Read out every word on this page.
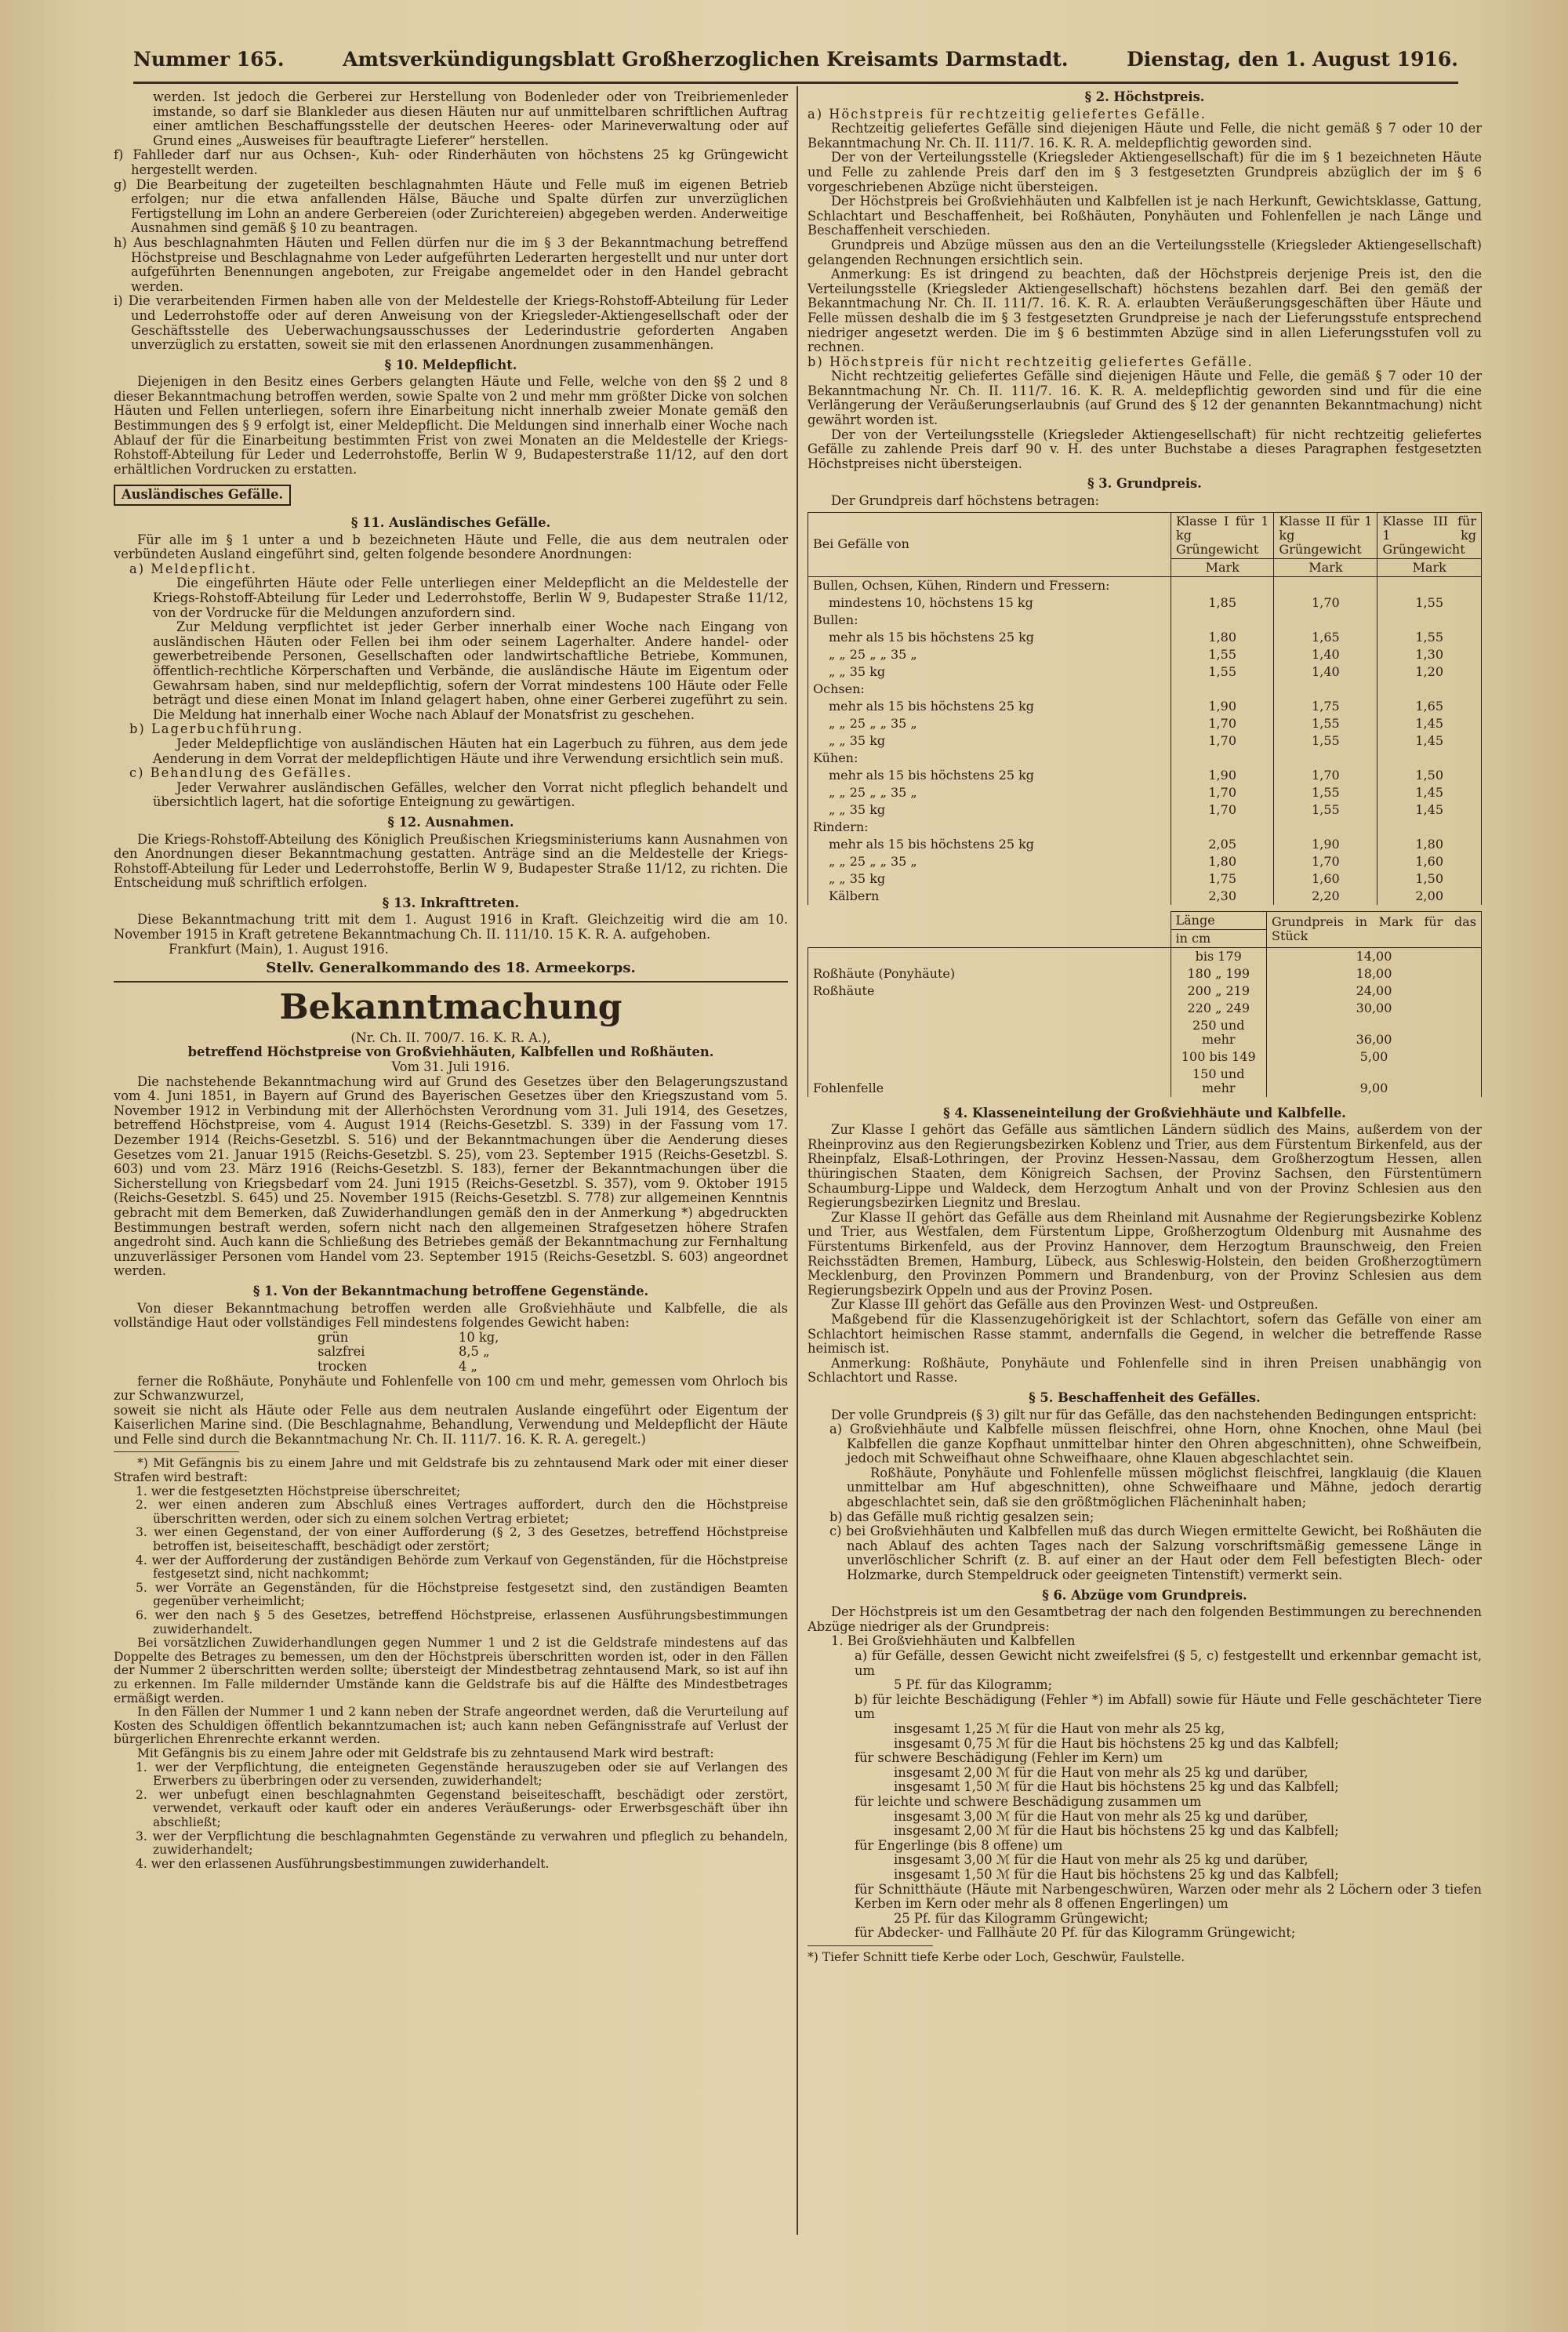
Nummer 165.	Amtsverkündigungsblatt Großherzoglichen Kreisamts Darmstadt.	Dienstag, den 1. August 1916.

werden. Ist jedoch die Gerberei zur Herstellung von Bodenleder oder von Treibriemenleder imstande, so darf sie Blankleder aus diesen Häuten nur auf unmittelbaren schriftlichen Auftrag einer amtlichen Beschaffungsstelle der deutschen Heeres- oder Marineverwaltung oder auf Grund eines „Ausweises für beauftragte Lieferer“ herstellen.

f) Fahlleder darf nur aus Ochsen-, Kuh- oder Rinderhäuten von höchstens 25 kg Grüngewicht hergestellt werden.

g) Die Bearbeitung der zugeteilten beschlagnahmten Häute und Felle muß im eigenen Betrieb erfolgen; nur die etwa anfallenden Hälse, Bäuche und Spalte dürfen zur unverzüglichen Fertigstellung im Lohn an andere Gerbereien (oder Zurichtereien) abgegeben werden. Anderweitige Ausnahmen sind gemäß § 10 zu beantragen.

h) Aus beschlagnahmten Häuten und Fellen dürfen nur die im § 3 der Bekanntmachung betreffend Höchstpreise und Beschlagnahme von Leder aufgeführten Lederarten hergestellt und nur unter dort aufgeführten Benennungen angeboten, zur Freigabe angemeldet oder in den Handel gebracht werden.

i) Die verarbeitenden Firmen haben alle von der Meldestelle der Kriegs-Rohstoff-Abteilung für Leder und Lederrohstoffe oder auf deren Anweisung von der Kriegsleder-Aktiengesellschaft oder der Geschäftsstelle des Ueberwachungsausschusses der Lederindustrie geforderten Angaben unverzüglich zu erstatten, soweit sie mit den erlassenen Anordnungen zusammenhängen.

§ 10. Meldepflicht.

Diejenigen in den Besitz eines Gerbers gelangten Häute und Felle, welche von den §§ 2 und 8 dieser Bekanntmachung betroffen werden, sowie Spalte von 2 und mehr mm größter Dicke von solchen Häuten und Fellen unterliegen, sofern ihre Einarbeitung nicht innerhalb zweier Monate gemäß den Bestimmungen des § 9 erfolgt ist, einer Meldepflicht. Die Meldungen sind innerhalb einer Woche nach Ablauf der für die Einarbeitung bestimmten Frist von zwei Monaten an die Meldestelle der Kriegs-Rohstoff-Abteilung für Leder und Lederrohstoffe, Berlin W 9, Budapesterstraße 11/12, auf den dort erhältlichen Vordrucken zu erstatten.

Ausländisches Gefälle.

§ 11. Ausländisches Gefälle.

Für alle im § 1 unter a und b bezeichneten Häute und Felle, die aus dem neutralen oder verbündeten Ausland eingeführt sind, gelten folgende besondere Anordnungen:

a) Meldepflicht.

Die eingeführten Häute oder Felle unterliegen einer Meldepflicht an die Meldestelle der Kriegs-Rohstoff-Abteilung für Leder und Lederrohstoffe, Berlin W 9, Budapester Straße 11/12, von der Vordrucke für die Meldungen anzufordern sind.

Zur Meldung verpflichtet ist jeder Gerber innerhalb einer Woche nach Eingang von ausländischen Häuten oder Fellen bei ihm oder seinem Lagerhalter. Andere handel- oder gewerbetreibende Personen, Gesellschaften oder landwirtschaftliche Betriebe, Kommunen, öffentlich-rechtliche Körperschaften und Verbände, die ausländische Häute im Eigentum oder Gewahrsam haben, sind nur meldepflichtig, sofern der Vorrat mindestens 100 Häute oder Felle beträgt und diese einen Monat im Inland gelagert haben, ohne einer Gerberei zugeführt zu sein. Die Meldung hat innerhalb einer Woche nach Ablauf der Monatsfrist zu geschehen.

b) Lagerbuchführung.

Jeder Meldepflichtige von ausländischen Häuten hat ein Lagerbuch zu führen, aus dem jede Aenderung in dem Vorrat der meldepflichtigen Häute und ihre Verwendung ersichtlich sein muß.

c) Behandlung des Gefälles.

Jeder Verwahrer ausländischen Gefälles, welcher den Vorrat nicht pfleglich behandelt und übersichtlich lagert, hat die sofortige Enteignung zu gewärtigen.

§ 12. Ausnahmen.

Die Kriegs-Rohstoff-Abteilung des Königlich Preußischen Kriegsministeriums kann Ausnahmen von den Anordnungen dieser Bekanntmachung gestatten. Anträge sind an die Meldestelle der Kriegs-Rohstoff-Abteilung für Leder und Lederrohstoffe, Berlin W 9, Budapester Straße 11/12, zu richten. Die Entscheidung muß schriftlich erfolgen.

§ 13. Inkrafttreten.

Diese Bekanntmachung tritt mit dem 1. August 1916 in Kraft. Gleichzeitig wird die am 10. November 1915 in Kraft getretene Bekanntmachung Ch. II. 111/10. 15 K. R. A. aufgehoben.

Frankfurt (Main), 1. August 1916.

Stellv. Generalkommando des 18. Armeekorps.

Bekanntmachung

(Nr. Ch. II. 700/7. 16. K. R. A.),

betreffend Höchstpreise von Großviehhäuten, Kalbfellen und Roßhäuten.

Vom 31. Juli 1916.

Die nachstehende Bekanntmachung wird auf Grund des Gesetzes über den Belagerungszustand vom 4. Juni 1851, in Bayern auf Grund des Bayerischen Gesetzes über den Kriegszustand vom 5. November 1912 in Verbindung mit der Allerhöchsten Verordnung vom 31. Juli 1914, des Gesetzes, betreffend Höchstpreise, vom 4. August 1914 (Reichs-Gesetzbl. S. 339) in der Fassung vom 17. Dezember 1914 (Reichs-Gesetzbl. S. 516) und der Bekanntmachungen über die Aenderung dieses Gesetzes vom 21. Januar 1915 (Reichs-Gesetzbl. S. 25), vom 23. September 1915 (Reichs-Gesetzbl. S. 603) und vom 23. März 1916 (Reichs-Gesetzbl. S. 183), ferner der Bekanntmachungen über die Sicherstellung von Kriegsbedarf vom 24. Juni 1915 (Reichs-Gesetzbl. S. 357), vom 9. Oktober 1915 (Reichs-Gesetzbl. S. 645) und 25. November 1915 (Reichs-Gesetzbl. S. 778) zur allgemeinen Kenntnis gebracht mit dem Bemerken, daß Zuwiderhandlungen gemäß den in der Anmerkung *) abgedruckten Bestimmungen bestraft werden, sofern nicht nach den allgemeinen Strafgesetzen höhere Strafen angedroht sind. Auch kann die Schließung des Betriebes gemäß der Bekanntmachung zur Fernhaltung unzuverlässiger Personen vom Handel vom 23. September 1915 (Reichs-Gesetzbl. S. 603) angeordnet werden.

§ 1. Von der Bekanntmachung betroffene Gegenstände.

Von dieser Bekanntmachung betroffen werden alle Großviehhäute und Kalbfelle, die als vollständige Haut oder vollständiges Fell mindestens folgendes Gewicht haben:

grün	10 kg,

salzfrei	8,5 „

trocken	4 „

ferner die Roßhäute, Ponyhäute und Fohlenfelle von 100 cm und mehr, gemessen vom Ohrloch bis zur Schwanzwurzel,

soweit sie nicht als Häute oder Felle aus dem neutralen Auslande eingeführt oder Eigentum der Kaiserlichen Marine sind. (Die Beschlagnahme, Behandlung, Verwendung und Meldepflicht der Häute und Felle sind durch die Bekanntmachung Nr. Ch. II. 111/7. 16. K. R. A. geregelt.)

*) Mit Gefängnis bis zu einem Jahre und mit Geldstrafe bis zu zehntausend Mark oder mit einer dieser Strafen wird bestraft:

1. wer die festgesetzten Höchstpreise überschreitet;

2. wer einen anderen zum Abschluß eines Vertrages auffordert, durch den die Höchstpreise überschritten werden, oder sich zu einem solchen Vertrag erbietet;

3. wer einen Gegenstand, der von einer Aufforderung (§ 2, 3 des Gesetzes, betreffend Höchstpreise betroffen ist, beiseiteschafft, beschädigt oder zerstört;

4. wer der Aufforderung der zuständigen Behörde zum Verkauf von Gegenständen, für die Höchstpreise festgesetzt sind, nicht nachkommt;

5. wer Vorräte an Gegenständen, für die Höchstpreise festgesetzt sind, den zuständigen Beamten gegenüber verheimlicht;

6. wer den nach § 5 des Gesetzes, betreffend Höchstpreise, erlassenen Ausführungsbestimmungen zuwiderhandelt.

Bei vorsätzlichen Zuwiderhandlungen gegen Nummer 1 und 2 ist die Geldstrafe mindestens auf das Doppelte des Betrages zu bemessen, um den der Höchstpreis überschritten worden ist, oder in den Fällen der Nummer 2 überschritten werden sollte; übersteigt der Mindestbetrag zehntausend Mark, so ist auf ihn zu erkennen. Im Falle mildernder Umstände kann die Geldstrafe bis auf die Hälfte des Mindestbetrages ermäßigt werden.

In den Fällen der Nummer 1 und 2 kann neben der Strafe angeordnet werden, daß die Verurteilung auf Kosten des Schuldigen öffentlich bekanntzumachen ist; auch kann neben Gefängnisstrafe auf Verlust der bürgerlichen Ehrenrechte erkannt werden.

Mit Gefängnis bis zu einem Jahre oder mit Geldstrafe bis zu zehntausend Mark wird bestraft:

1. wer der Verpflichtung, die enteigneten Gegenstände herauszugeben oder sie auf Verlangen des Erwerbers zu überbringen oder zu versenden, zuwiderhandelt;

2. wer unbefugt einen beschlagnahmten Gegenstand beiseiteschafft, beschädigt oder zerstört, verwendet, verkauft oder kauft oder ein anderes Veräußerungs- oder Erwerbsgeschäft über ihn abschließt;

3. wer der Verpflichtung die beschlagnahmten Gegenstände zu verwahren und pfleglich zu behandeln, zuwiderhandelt;

4. wer den erlassenen Ausführungsbestimmungen zuwiderhandelt.

§ 2. Höchstpreis.

a) Höchstpreis für rechtzeitig geliefertes Gefälle.

Rechtzeitig geliefertes Gefälle sind diejenigen Häute und Felle, die nicht gemäß § 7 oder 10 der Bekanntmachung Nr. Ch. II. 111/7. 16. K. R. A. meldepflichtig geworden sind.

Der von der Verteilungsstelle (Kriegsleder Aktiengesellschaft) für die im § 1 bezeichneten Häute und Felle zu zahlende Preis darf den im § 3 festgesetzten Grundpreis abzüglich der im § 6 vorgeschriebenen Abzüge nicht übersteigen.

Der Höchstpreis bei Großviehhäuten und Kalbfellen ist je nach Herkunft, Gewichtsklasse, Gattung, Schlachtart und Beschaffenheit, bei Roßhäuten, Ponyhäuten und Fohlenfellen je nach Länge und Beschaffenheit verschieden.

Grundpreis und Abzüge müssen aus den an die Verteilungsstelle (Kriegsleder Aktiengesellschaft) gelangenden Rechnungen ersichtlich sein.

Anmerkung: Es ist dringend zu beachten, daß der Höchstpreis derjenige Preis ist, den die Verteilungsstelle (Kriegsleder Aktiengesellschaft) höchstens bezahlen darf. Bei den gemäß der Bekanntmachung Nr. Ch. II. 111/7. 16. K. R. A. erlaubten Veräußerungsgeschäften über Häute und Felle müssen deshalb die im § 3 festgesetzten Grundpreise je nach der Lieferungsstufe entsprechend niedriger angesetzt werden. Die im § 6 bestimmten Abzüge sind in allen Lieferungsstufen voll zu rechnen.

b) Höchstpreis für nicht rechtzeitig geliefertes Gefälle.

Nicht rechtzeitig geliefertes Gefälle sind diejenigen Häute und Felle, die gemäß § 7 oder 10 der Bekanntmachung Nr. Ch. II. 111/7. 16. K. R. A. meldepflichtig geworden sind und für die eine Verlängerung der Veräußerungserlaubnis (auf Grund des § 12 der genannten Bekanntmachung) nicht gewährt worden ist.

Der von der Verteilungsstelle (Kriegsleder Aktiengesellschaft) für nicht rechtzeitig geliefertes Gefälle zu zahlende Preis darf 90 v. H. des unter Buchstabe a dieses Paragraphen festgesetzten Höchstpreises nicht übersteigen.

§ 3. Grundpreis.

Der Grundpreis darf höchstens betragen:

Bei Gefälle von	Klasse I für 1 kg Grüngewicht	Klasse II für 1 kg Grüngewicht	Klasse III für 1 kg Grüngewicht
	Mark	Mark	Mark
Bullen, Ochsen, Kühen, Rindern und Fressern:			
mindestens 10, höchstens 15 kg	1,85	1,70	1,55
Bullen:			
mehr als 15 bis höchstens 25 kg	1,80	1,65	1,55
„ „ 25 „ „ 35 „	1,55	1,40	1,30
„ „ 35 kg	1,55	1,40	1,20
Ochsen:			
mehr als 15 bis höchstens 25 kg	1,90	1,75	1,65
„ „ 25 „ „ 35 „	1,70	1,55	1,45
„ „ 35 kg	1,70	1,55	1,45
Kühen:			
mehr als 15 bis höchstens 25 kg	1,90	1,70	1,50
„ „ 25 „ „ 35 „	1,70	1,55	1,45
„ „ 35 kg	1,70	1,55	1,45
Rindern:			
mehr als 15 bis höchstens 25 kg	2,05	1,90	1,80
„ „ 25 „ „ 35 „	1,80	1,70	1,60
„ „ 35 kg	1,75	1,60	1,50
Kälbern	2,30	2,20	2,00
	Länge	Grundpreis in Mark für das Stück
	in cm	
	bis 179	14,00
Roßhäute (Ponyhäute)	180 „ 199	18,00
Roßhäute	200 „ 219	24,00
	220 „ 249	30,00
	250 und mehr	36,00
	100 bis 149	5,00
Fohlenfelle	150 und mehr	9,00

§ 4. Klasseneinteilung der Großviehhäute und Kalbfelle.

Zur Klasse I gehört das Gefälle aus sämtlichen Ländern südlich des Mains, außerdem von der Rheinprovinz aus den Regierungsbezirken Koblenz und Trier, aus dem Fürstentum Birkenfeld, aus der Rheinpfalz, Elsaß-Lothringen, der Provinz Hessen-Nassau, dem Großherzogtum Hessen, allen thüringischen Staaten, dem Königreich Sachsen, der Provinz Sachsen, den Fürstentümern Schaumburg-Lippe und Waldeck, dem Herzogtum Anhalt und von der Provinz Schlesien aus den Regierungsbezirken Liegnitz und Breslau.

Zur Klasse II gehört das Gefälle aus dem Rheinland mit Ausnahme der Regierungsbezirke Koblenz und Trier, aus Westfalen, dem Fürstentum Lippe, Großherzogtum Oldenburg mit Ausnahme des Fürstentums Birkenfeld, aus der Provinz Hannover, dem Herzogtum Braunschweig, den Freien Reichsstädten Bremen, Hamburg, Lübeck, aus Schleswig-Holstein, den beiden Großherzogtümern Mecklenburg, den Provinzen Pommern und Brandenburg, von der Provinz Schlesien aus dem Regierungsbezirk Oppeln und aus der Provinz Posen.

Zur Klasse III gehört das Gefälle aus den Provinzen West- und Ostpreußen.

Maßgebend für die Klassenzugehörigkeit ist der Schlachtort, sofern das Gefälle von einer am Schlachtort heimischen Rasse stammt, andernfalls die Gegend, in welcher die betreffende Rasse heimisch ist.

Anmerkung: Roßhäute, Ponyhäute und Fohlenfelle sind in ihren Preisen unabhängig von Schlachtort und Rasse.

§ 5. Beschaffenheit des Gefälles.

Der volle Grundpreis (§ 3) gilt nur für das Gefälle, das den nachstehenden Bedingungen entspricht:

a) Großviehhäute und Kalbfelle müssen fleischfrei, ohne Horn, ohne Knochen, ohne Maul (bei Kalbfellen die ganze Kopfhaut unmittelbar hinter den Ohren abgeschnitten), ohne Schweifbein, jedoch mit Schweifhaut ohne Schweifhaare, ohne Klauen abgeschlachtet sein.

Roßhäute, Ponyhäute und Fohlenfelle müssen möglichst fleischfrei, langklauig (die Klauen unmittelbar am Huf abgeschnitten), ohne Schweifhaare und Mähne, jedoch derartig abgeschlachtet sein, daß sie den größtmöglichen Flächeninhalt haben;

b) das Gefälle muß richtig gesalzen sein;

c) bei Großviehhäuten und Kalbfellen muß das durch Wiegen ermittelte Gewicht, bei Roßhäuten die nach Ablauf des achten Tages nach der Salzung vorschriftsmäßig gemessene Länge in unverlöschlicher Schrift (z. B. auf einer an der Haut oder dem Fell befestigten Blech- oder Holzmarke, durch Stempeldruck oder geeigneten Tintenstift) vermerkt sein.

§ 6. Abzüge vom Grundpreis.

Der Höchstpreis ist um den Gesamtbetrag der nach den folgenden Bestimmungen zu berechnenden Abzüge niedriger als der Grundpreis:

1. Bei Großviehhäuten und Kalbfellen

a) für Gefälle, dessen Gewicht nicht zweifelsfrei (§ 5, c) festgestellt und erkennbar gemacht ist, um

5 Pf. für das Kilogramm;

b) für leichte Beschädigung (Fehler *) im Abfall) sowie für Häute und Felle geschächteter Tiere um

insgesamt 1,25 ℳ für die Haut von mehr als 25 kg,

insgesamt 0,75 ℳ für die Haut bis höchstens 25 kg und das Kalbfell;

für schwere Beschädigung (Fehler im Kern) um

insgesamt 2,00 ℳ für die Haut von mehr als 25 kg und darüber,

insgesamt 1,50 ℳ für die Haut bis höchstens 25 kg und das Kalbfell;

für leichte und schwere Beschädigung zusammen um

insgesamt 3,00 ℳ für die Haut von mehr als 25 kg und darüber,

insgesamt 2,00 ℳ für die Haut bis höchstens 25 kg und das Kalbfell;

für Engerlinge (bis 8 offene) um

insgesamt 3,00 ℳ für die Haut von mehr als 25 kg und darüber,

insgesamt 1,50 ℳ für die Haut bis höchstens 25 kg und das Kalbfell;

für Schnitthäute (Häute mit Narbengeschwüren, Warzen oder mehr als 2 Löchern oder 3 tiefen Kerben im Kern oder mehr als 8 offenen Engerlingen) um

25 Pf. für das Kilogramm Grüngewicht;

für Abdecker- und Fallhäute 20 Pf. für das Kilogramm Grüngewicht;

*) Tiefer Schnitt tiefe Kerbe oder Loch, Geschwür, Faulstelle.
